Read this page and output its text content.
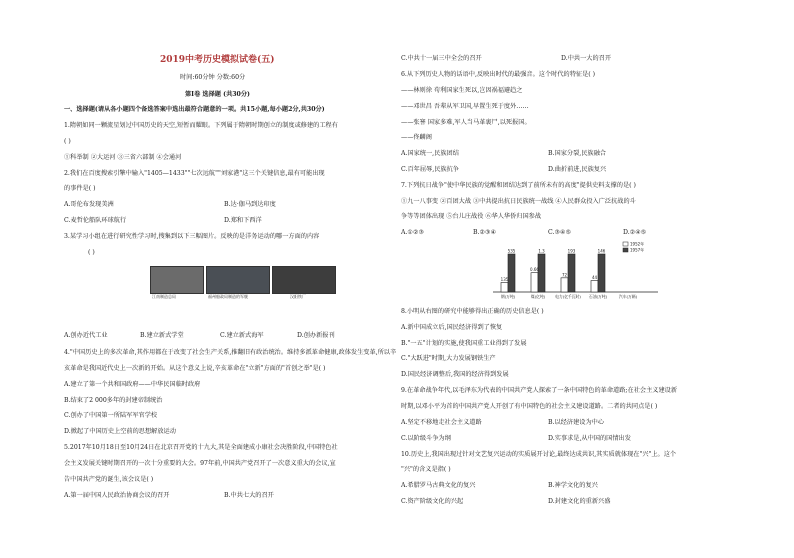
2019中考历史模拟试卷(五)
时间:60分钟 分数:60分
第Ⅰ卷 选择题 (共30分)
一、选择题(请从各小题四个备选答案中选出最符合题意的一项。共15小题,每小题2分,共30分)
1.隋朝如同一颗流星划过中国历史的天空,短暂而耀眼。下列属于隋朝时期创立的制度或修建的工程有
( )
①科举制 ②大运河 ③三省六部制 ④会通河
2.我们在百度搜索引擎中输入"1405—1433""七次远航""刘家港"这三个关键信息,最有可能出现
的事件是( )
A.哥伦布发现美洲	B.达·伽马到达印度
C.麦哲伦船队环球航行	D.郑和下西洋
3.某学习小组在进行研究性学习时,搜集到以下三幅图片。反映的是洋务运动的哪一方面的内容
( )
江南制造总局	福州船政局制造的军舰	汉阳铁厂
A.创办近代工业	B.建立新式学堂	C.建立新式海军	D.创办新报刊
4."中国历史上的多次革命,其作用都在于改变了社会生产关系,推翻旧有政治统治。维持多派革命健康,政体发生变革,所以辛
亥革命是我国近代史上一次新的开始。从这个意义上说,辛亥革命在"立新"方面的"首创之举"是( )
A.建立了第一个共和国政府——中华民国临时政府
B.结束了2 000多年的封建帝制统治
C.创办了中国第一所陆军军官学校
D.掀起了中国历史上空前的思想解放运动
5.2017年10月18日至10月24日在北京召开党的十九大,其是全面建成小康社会决胜阶段,中国特色社
会主义发展关键时期召开的一次十分重要的大会。97年前,中国共产党召开了一次意义重大的会议,宣
告中国共产党的诞生,该会议是( )
A.第一届中国人民政治协商会议的召开	B.中共七大的召开
C.中共十一届三中全会的召开	D.中共一大的召开
6.从下列历史人物的话语中,反映出时代的最强音。这个时代的特征是( )
——林则徐 苟利国家生死以,岂因祸福避趋之
——邓世昌 吾辈从军卫国,早置生死于度外……
——张謇 国家多难,军人当马革裹尸,以死报国。
——佟麟阁
A.国家统一,民族团结	B.国家分裂,民族融合
C.百年屈辱,民族抗争	D.曲折前进,民族复兴
7.下列抗日战争"使中华民族的觉醒和团结达到了前所未有的高度"提供史料支撑的是( )
①九一八事变 ②百团大战 ③中共提出抗日民族统一战线 ④人民群众投入广泛抗战的斗
争等等团体出现 ⑤台儿庄战役 ⑥华人华侨归国参战
A.①②③	B.②③④	C.③④⑤	D.②④⑤
135
535
钢(万吨)
0.66
1.3
煤(亿吨)
72
193
电力(亿千瓦时)
44
146
石油(万吨)	汽车(万辆)
1952年
1957年
8.小明从右图的研究中能够得出正确的历史信息是( )
A.新中国成立后,国民经济得到了恢复
B."一五"计划的实施,使我国重工业得到了发展
C."大跃进"时期,大力发展钢铁生产
D.国民经济调整后,我国的经济得到发展
9.在革命战争年代,以毛泽东为代表的中国共产党人探索了一条中国特色的革命道路;在社会主义建设新
时期,以邓小平为首的中国共产党人开创了有中国特色的社会主义建设道路。二者的共同点是( )
A.坚定不移地走社会主义道路	B.以经济建设为中心
C.以阶级斗争为纲	D.实事求是,从中国的国情出发
10.历史上,我国出现过针对文艺复兴运动的实质展开讨论,最终达成共识,其实质就体现在"兴"上。这个
"兴"的含义是指( )
A.希腊罗马古典文化的复兴	B.神学文化的复兴
C.资产阶级文化的兴起	D.封建文化的重新兴盛
